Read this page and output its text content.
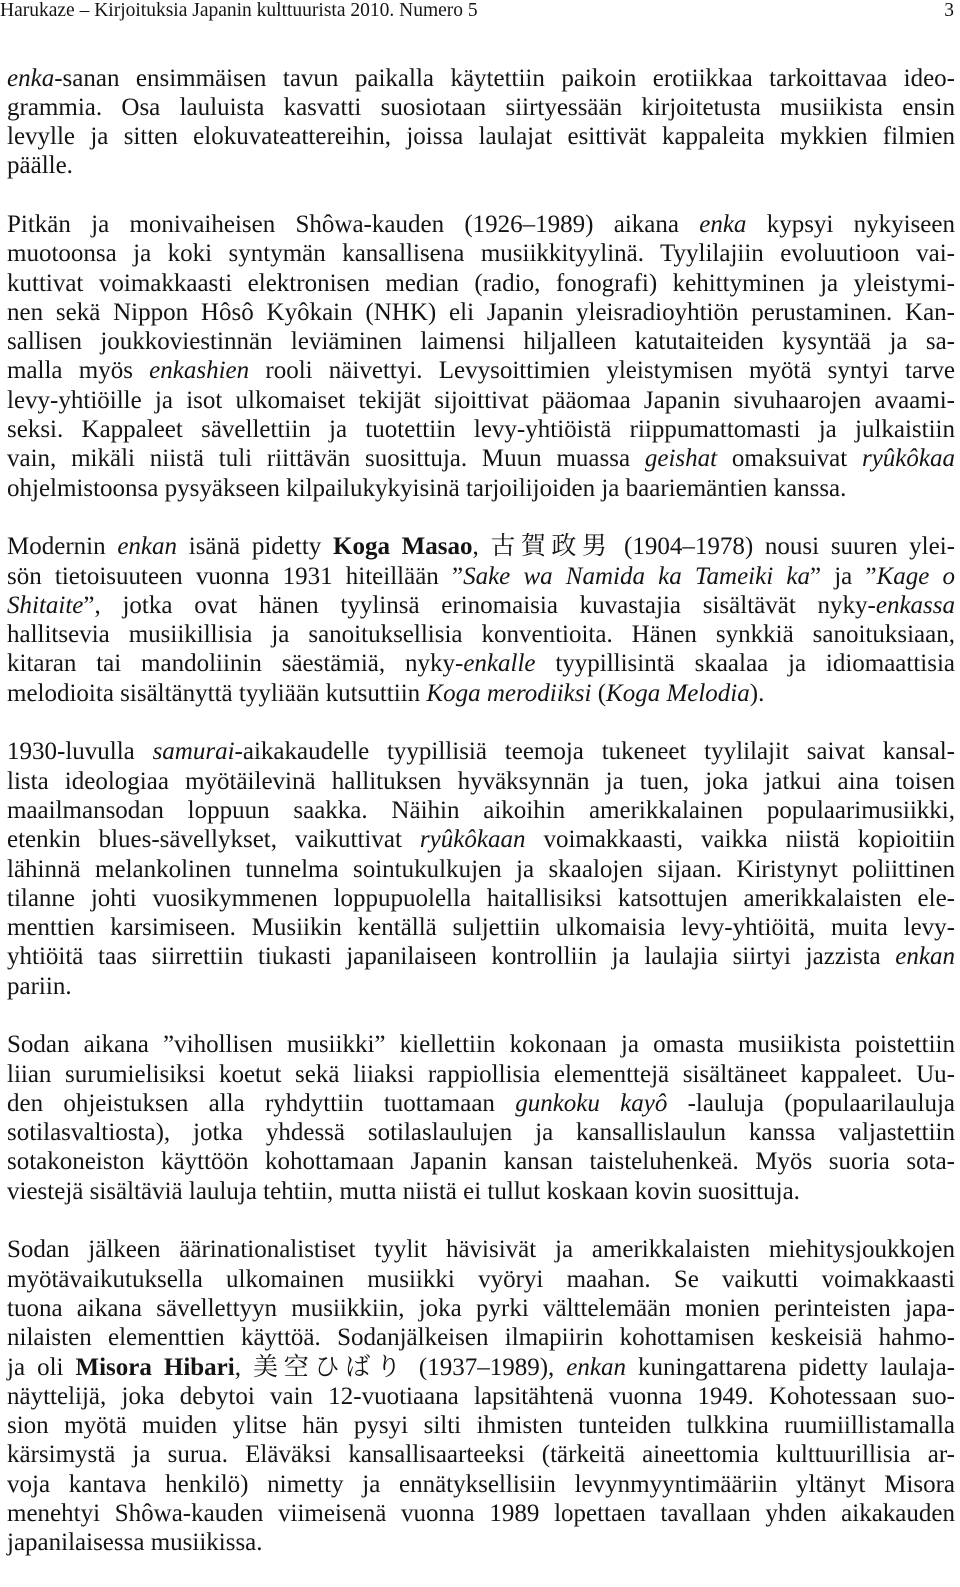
Harukaze – Kirjoituksia Japanin kulttuurista 2010. Numero 5	3
enka-sanan ensimmäisen tavun paikalla käytettiin paikoin erotiikkaa tarkoittavaa ideo-
grammia. Osa lauluista kasvatti suosiotaan siirtyessään kirjoitetusta musiikista ensin
levylle ja sitten elokuvateattereihin, joissa laulajat esittivät kappaleita mykkien filmien
päälle.
Pitkän ja monivaiheisen Shôwa-kauden (1926–1989) aikana enka kypsyi nykyiseen
muotoonsa ja koki syntymän kansallisena musiikkityylinä. Tyylilajiin evoluutioon vai-
kuttivat voimakkaasti elektronisen median (radio, fonografi) kehittyminen ja yleistymi-
nen sekä Nippon Hôsô Kyôkain (NHK) eli Japanin yleisradioyhtiön perustaminen. Kan-
sallisen joukkoviestinnän leviäminen laimensi hiljalleen katutaiteiden kysyntää ja sa-
malla myös enkashien rooli näivettyi. Levysoittimien yleistymisen myötä syntyi tarve
levy-yhtiöille ja isot ulkomaiset tekijät sijoittivat pääomaa Japanin sivuhaarojen avaami-
seksi. Kappaleet sävellettiin ja tuotettiin levy-yhtiöistä riippumattomasti ja julkaistiin
vain, mikäli niistä tuli riittävän suosittuja. Muun muassa geishat omaksuivat ryûkôkaa
ohjelmistoonsa pysyäkseen kilpailukykyisinä tarjoilijoiden ja baariemäntien kanssa.
Modernin enkan isänä pidetty Koga Masao, 古賀政男 (1904–1978) nousi suuren ylei-
sön tietoisuuteen vuonna 1931 hiteillään ”Sake wa Namida ka Tameiki ka” ja ”Kage o
Shitaite”, jotka ovat hänen tyylinsä erinomaisia kuvastajia sisältävät nyky-enkassa
hallitsevia musiikillisia ja sanoituksellisia konventioita. Hänen synkkiä sanoituksiaan,
kitaran tai mandoliinin säestämiä, nyky-enkalle tyypillisintä skaalaa ja idiomaattisia
melodioita sisältänyttä tyyliään kutsuttiin Koga merodiiksi (Koga Melodia).
1930-luvulla samurai-aikakaudelle tyypillisiä teemoja tukeneet tyylilajit saivat kansal-
lista ideologiaa myötäilevinä hallituksen hyväksynnän ja tuen, joka jatkui aina toisen
maailmansodan loppuun saakka. Näihin aikoihin amerikkalainen populaarimusiikki,
etenkin blues-sävellykset, vaikuttivat ryûkôkaan voimakkaasti, vaikka niistä kopioitiin
lähinnä melankolinen tunnelma sointukulkujen ja skaalojen sijaan. Kiristynyt poliittinen
tilanne johti vuosikymmenen loppupuolella haitallisiksi katsottujen amerikkalaisten ele-
menttien karsimiseen. Musiikin kentällä suljettiin ulkomaisia levy-yhtiöitä, muita levy-
yhtiöitä taas siirrettiin tiukasti japanilaiseen kontrolliin ja laulajia siirtyi jazzista enkan
pariin.
Sodan aikana ”vihollisen musiikki” kiellettiin kokonaan ja omasta musiikista poistettiin
liian surumielisiksi koetut sekä liiaksi rappiollisia elementtejä sisältäneet kappaleet. Uu-
den ohjeistuksen alla ryhdyttiin tuottamaan gunkoku kayô -lauluja (populaarilauluja
sotilasvaltiosta), jotka yhdessä sotilaslaulujen ja kansallislaulun kanssa valjastettiin
sotakoneiston käyttöön kohottamaan Japanin kansan taisteluhenkeä. Myös suoria sota-
viestejä sisältäviä lauluja tehtiin, mutta niistä ei tullut koskaan kovin suosittuja.
Sodan jälkeen äärinationalistiset tyylit hävisivät ja amerikkalaisten miehitysjoukkojen
myötävaikutuksella ulkomainen musiikki vyöryi maahan. Se vaikutti voimakkaasti
tuona aikana sävellettyyn musiikkiin, joka pyrki välttelemään monien perinteisten japa-
nilaisten elementtien käyttöä. Sodanjälkeisen ilmapiirin kohottamisen keskeisiä hahmo-
ja oli Misora Hibari, 美空ひばり (1937–1989), enkan kuningattarena pidetty laulaja-
näyttelijä, joka debytoi vain 12-vuotiaana lapsitähtenä vuonna 1949. Kohotessaan suo-
sion myötä muiden ylitse hän pysyi silti ihmisten tunteiden tulkkina ruumiillistamalla
kärsimystä ja surua. Eläväksi kansallisaarteeksi (tärkeitä aineettomia kulttuurillisia ar-
voja kantava henkilö) nimetty ja ennätyksellisiin levynmyyntimääriin yltänyt Misora
menehtyi Shôwa-kauden viimeisenä vuonna 1989 lopettaen tavallaan yhden aikakauden
japanilaisessa musiikissa.
